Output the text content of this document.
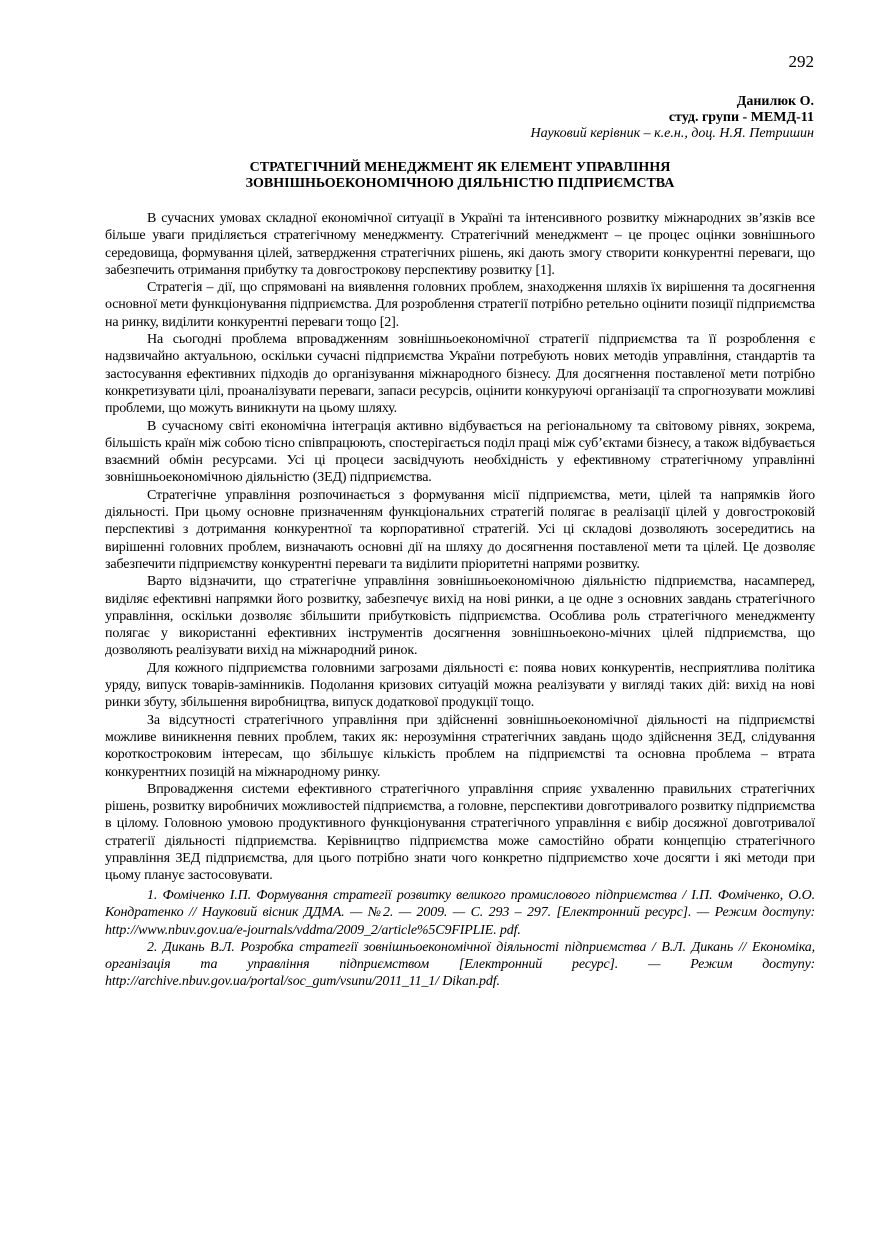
292
Данилюк О.
студ. групи - МЕМД-11
Науковий керівник – к.е.н., доц. Н.Я. Петришин
СТРАТЕГІЧНИЙ МЕНЕДЖМЕНТ ЯК ЕЛЕМЕНТ УПРАВЛІННЯ
ЗОВНІШНЬОЕКОНОМІЧНОЮ ДІЯЛЬНІСТЮ ПІДПРИЄМСТВА

В сучасних умовах складної економічної ситуації в Україні та інтенсивного розвитку міжнародних зв’язків все більше уваги приділяється стратегічному менеджменту. Стратегічний менеджмент – це процес оцінки зовнішнього середовища, формування цілей, затвердження стратегічних рішень, які дають змогу створити конкурентні переваги, що забезпечить отримання прибутку та довгострокову перспективу розвитку [1].

Стратегія – дії, що спрямовані на виявлення головних проблем, знаходження шляхів їх вирішення та досягнення основної мети функціонування підприємства. Для розроблення стратегії потрібно ретельно оцінити позиції підприємства на ринку, виділити конкурентні переваги тощо [2].

На сьогодні проблема впровадженням зовнішньоекономічної стратегії підприємства та її розроблення є надзвичайно актуальною, оскільки сучасні підприємства України потребують нових методів управління, стандартів та застосування ефективних підходів до організування міжнародного бізнесу. Для досягнення поставленої мети потрібно конкретизувати цілі, проаналізувати переваги, запаси ресурсів, оцінити конкуруючі організації та спрогнозувати можливі проблеми, що можуть виникнути на цьому шляху.

В сучасному світі економічна інтеграція активно відбувається на регіональному та світовому рівнях, зокрема, більшість країн між собою тісно співпрацюють, спостерігається поділ праці між суб’єктами бізнесу, а також відбувається взаємний обмін ресурсами. Усі ці процеси засвідчують необхідність у ефективному стратегічному управлінні зовнішньоекономічною діяльністю (ЗЕД) підприємства.

Стратегічне управління розпочинається з формування місії підприємства, мети, цілей та напрямків його діяльності. При цьому основне призначенням функціональних стратегій полягає в реалізації цілей у довгостроковій перспективі з дотримання конкурентної та корпоративної стратегій. Усі ці складові дозволяють зосередитись на вирішенні головних проблем, визначають основні дії на шляху до досягнення поставленої мети та цілей. Це дозволяє забезпечити підприємству конкурентні переваги та виділити пріоритетні напрями розвитку.

Варто відзначити, що стратегічне управління зовнішньоекономічною діяльністю підприємства, насамперед, виділяє ефективні напрямки його розвитку, забезпечує вихід на нові ринки, а це одне з основних завдань стратегічного управління, оскільки дозволяє збільшити прибутковість підприємства. Особлива роль стратегічного менеджменту полягає у використанні ефективних інструментів досягнення зовнішньоеконо-мічних цілей підприємства, що дозволяють реалізувати вихід на міжнародний ринок.

Для кожного підприємства головними загрозами діяльності є: поява нових конкурентів, несприятлива політика уряду, випуск товарів-замінників. Подолання кризових ситуацій можна реалізувати у вигляді таких дій: вихід на нові ринки збуту, збільшення виробництва, випуск додаткової продукції тощо.

За відсутності стратегічного управління при здійсненні зовнішньоекономічної діяльності на підприємстві можливе виникнення певних проблем, таких як: нерозуміння стратегічних завдань щодо здійснення ЗЕД, слідування короткостроковим інтересам, що збільшує кількість проблем на підприємстві та основна проблема – втрата конкурентних позицій на міжнародному ринку.

Впровадження системи ефективного стратегічного управління сприяє ухваленню правильних стратегічних рішень, розвитку виробничих можливостей підприємства, а головне, перспективи довготривалого розвитку підприємства в цілому. Головною умовою продуктивного функціонування стратегічного управління є вибір досяжної довготривалої стратегії діяльності підприємства. Керівництво підприємства може самостійно обрати концепцію стратегічного управління ЗЕД підприємства, для цього потрібно знати чого конкретно підприємство хоче досягти і які методи при цьому планує застосовувати.

1. Фоміченко І.П. Формування стратегії розвитку великого промислового підприємства / І.П. Фоміченко, О.О. Кондратенко // Науковий вісник ДДМА. — №2. — 2009. — С. 293 – 297. [Електронний ресурс]. — Режим доступу: http://www.nbuv.gov.ua/e-journals/vddma/2009_2/article%5C9FIPLIE. pdf.

2. Дикань В.Л. Розробка стратегії зовнішньоекономічної діяльності підприємства / В.Л. Дикань // Економіка, організація та управління підприємством [Електронний ресурс]. — Режим доступу: http://archive.nbuv.gov.ua/portal/soc_gum/vsunu/2011_11_1/ Dikan.pdf.
